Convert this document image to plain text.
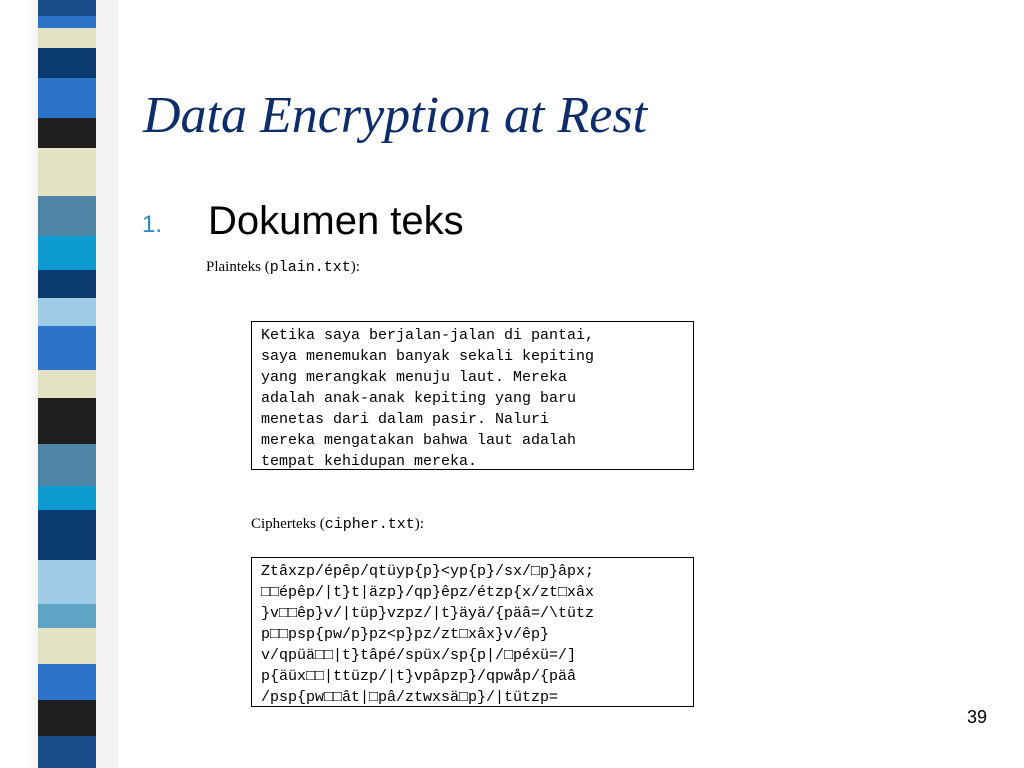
Data Encryption at Rest
1. Dokumen teks
Plainteks (plain.txt):
Ketika saya berjalan-jalan di pantai,
saya menemukan banyak sekali kepiting
yang merangkak menuju laut. Mereka
adalah anak-anak kepiting yang baru
menetas dari dalam pasir. Naluri
mereka mengatakan bahwa laut adalah
tempat kehidupan mereka.
Cipherteks (cipher.txt):
Ztâxzp/épêp/qtüyp{p}<yp{p}/sx/□p}âpx;
□□épêp/|t}t|äzp}/qp}êpz/étzp{x/zt□xâx
}v□□êp}v/|tüp}vzpz/|t}äyä/{päâ=/\tütz
p□□psp{pw/p}pz<p}pz/zt□xâx}v/êp}
v/qpüä□□|t}tâpé/spüx/sp{p|/□péxü=/]
p{äüx□□|ttüzp/|t}vpâpzp}/qpwåp/{päâ
/psp{pw□□ât|□pâ/ztwxsä□p}/|tützp=
39
